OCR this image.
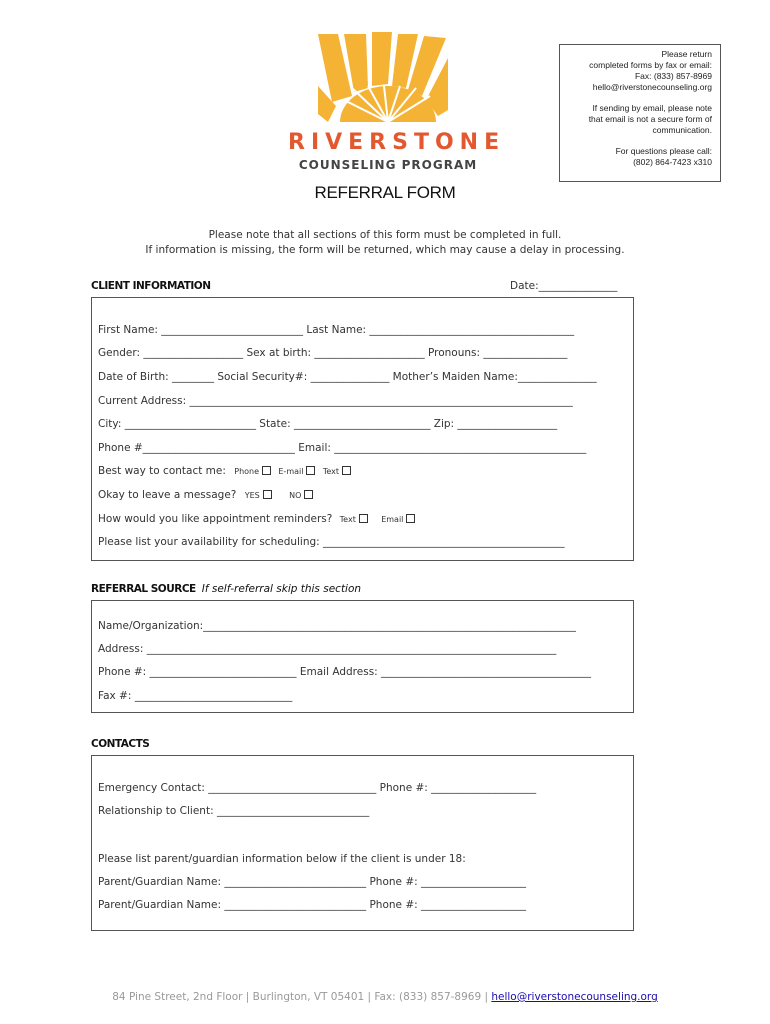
RIVERSTONE
COUNSELING PROGRAM
Please return
completed forms by fax or email:
Fax: (833) 857-8969
hello@riverstonecounseling.org
If sending by email, please note
that email is not a secure form of
communication.
For questions please call:
(802) 864-7423 x310
REFERRAL FORM
Please note that all sections of this form must be completed in full.
If information is missing, the form will be returned, which may cause a delay in processing.
CLIENT INFORMATION	Date:_______________
First Name: ___________________________ Last Name: _______________________________________
Gender: ___________________ Sex at birth: _____________________ Pronouns: ________________
Date of Birth: ________ Social Security#: _______________ Mother’s Maiden Name:_______________
Current Address: _________________________________________________________________________
City: _________________________ State: __________________________ Zip: ___________________
Phone #_____________________________ Email: ________________________________________________
Best way to contact me: Phone E-mail Text
Okay to leave a message? YES	NO
How would you like appointment reminders? Text	Email
Please list your availability for scheduling: ______________________________________________
REFERRAL SOURCE If self-referral skip this section
Name/Organization:_______________________________________________________________________
Address: ______________________________________________________________________________
Phone #: ____________________________ Email Address: ________________________________________
Fax #: ______________________________
CONTACTS
Emergency Contact: ________________________________ Phone #: ____________________
Relationship to Client: _____________________________
Please list parent/guardian information below if the client is under 18:
Parent/Guardian Name: ___________________________ Phone #: ____________________
Parent/Guardian Name: ___________________________ Phone #: ____________________
84 Pine Street, 2nd Floor | Burlington, VT 05401 | Fax: (833) 857-8969 | hello@riverstonecounseling.org
